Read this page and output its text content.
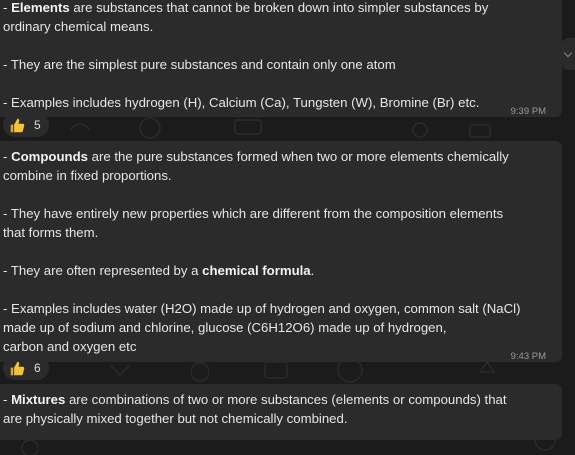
- Elements are substances that cannot be broken down into simpler substances by

ordinary chemical means.

- They are the simplest pure substances and contain only one atom

- Examples includes hydrogen (H), Calcium (Ca), Tungsten (W), Bromine (Br) etc.

9:39 PM
5

- Compounds are the pure substances formed when two or more elements chemically

combine in fixed proportions.

- They have entirely new properties which are different from the composition elements

that forms them.

- They are often represented by a chemical formula.

- Examples includes water (H2O) made up of hydrogen and oxygen, common salt (NaCl)

made up of sodium and chlorine, glucose (C6H12O6) made up of hydrogen,

carbon and oxygen etc

9:43 PM
6

- Mixtures are combinations of two or more substances (elements or compounds) that

are physically mixed together but not chemically combined.
